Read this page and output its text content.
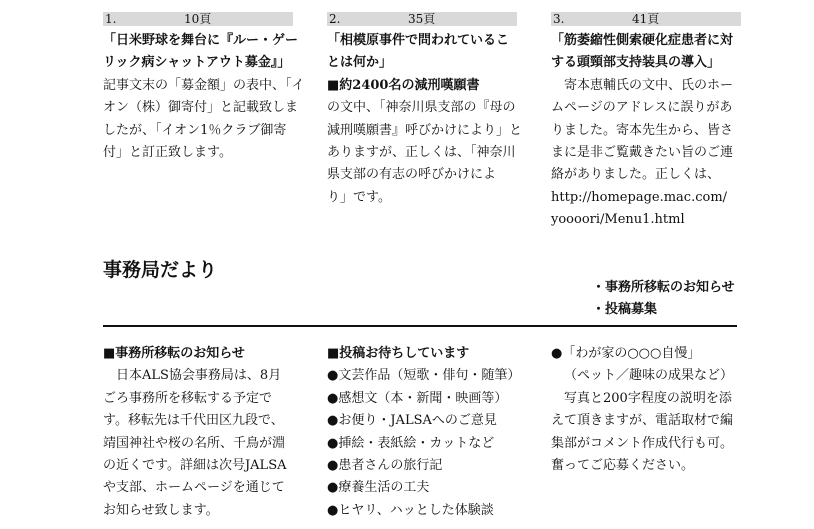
1.	10頁
「日米野球を舞台に『ルー・ゲー
リック病シャットアウト募金』」
記事文末の「募金額」の表中、「イ
オン（株）御寄付」と記載致しま
したが、「イオン1％クラブ御寄
付」と訂正致します。
2.	35頁
「相模原事件で問われているこ
とは何か」
■約2400名の減刑嘆願書
の文中、「神奈川県支部の『母の
減刑嘆願書』呼びかけにより」と
ありますが、正しくは、「神奈川
県支部の有志の呼びかけによ
り」です。
3.	41頁
「筋萎縮性側索硬化症患者に対
する頭頸部支持装具の導入」
寄本恵輔氏の文中、氏のホー
ムページのアドレスに誤りがあ
りました。寄本先生から、皆さ
まに是非ご覧戴きたい旨のご連
絡がありました。正しくは、
http://homepage.mac.com/
yoooori/Menu1.html
事務局だより
・事務所移転のお知らせ
・投稿募集
■事務所移転のお知らせ
日本ALS協会事務局は、8月
ごろ事務所を移転する予定で
す。移転先は千代田区九段で、
靖国神社や桜の名所、千鳥が淵
の近くです。詳細は次号JALSA
や支部、ホームページを通じて
お知らせ致します。
■投稿お待ちしています
●文芸作品（短歌・俳句・随筆）
●感想文（本・新聞・映画等）
●お便り・JALSAへのご意見
●挿絵・表紙絵・カットなど
●患者さんの旅行記
●療養生活の工夫
●ヒヤリ、ハッとした体験談
●「わが家の○○○自慢」
（ペット／趣味の成果など）
写真と200字程度の説明を添
えて頂きますが、電話取材で編
集部がコメント作成代行も可。
奮ってご応募ください。
